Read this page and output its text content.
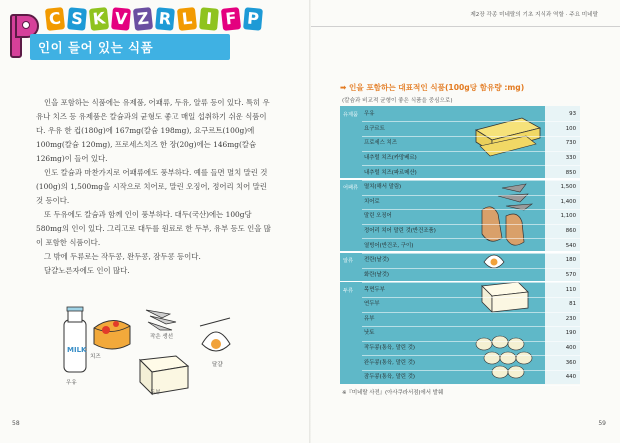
C S K V Z R L I F P
인이 들어 있는 식품

인을 포함하는 식품에는 유제품, 어패류, 두유, 알류 등이 있다. 특히 우유나 치즈 등 유제품은 칼슘과의 균형도 좋고 매일 섭취하기 쉬운 식품이다. 우유 한 컵(180g)에 167mg(칼슘 198mg), 요구르트(100g)에 100mg(칼슘 120mg), 프로세스치즈 한 장(20g)에는 146mg(칼슘 126mg)이 들어 있다.

인도 칼슘과 마찬가지로 어패류에도 풍부하다. 예를 들면 멸치 말린 것(100g)의 1,500mg을 시작으로 치어로, 말린 오징어, 정어리 치어 말린 것 등이다.

또 두유에도 칼슘과 함께 인이 풍부하다. 대두(국산)에는 100g당 580mg의 인이 있다. 그리고로 대두를 원료로 한 두부, 유부 등도 인을 많이 포함한 식품이다.

그 밖에 두류로는 작두콩, 완두콩, 잠두콩 등이다.

달걀노른자에도 인이 많다.

MILK
치즈
작은 생선
우유
두부
달걀
58
제2장 각종 미네랄의 기초 지식과 역할 · 주요 미네랄
➡ 인을 포함하는 대표적인 식품(100g당 함유량 :mg)
(칼슘과 비교적 균형이 좋은 식품을 중심으로)
유제품	우유	93
요구르트	100
프로세스 치즈	730
내추럴 치즈(카망베르)	330
내추럴 치즈(파르메산)	850
어패류	멸치(해서 말림)	1,500
치어로	1,400
말린 오징어	1,100
정어리 치어 말린 것(반건조품)	860
열빙어(반건조, 구이)	540
알류	전란(날것)	180
화란(날것)	570
두류	목면두부	110
연두부	81
유부	230
낫토	190
작두콩(통육, 말린 것)	400
완두콩(통육, 말린 것)	360
잠두콩(통육, 말린 것)	440
※『미네랄 사전』(아사쿠라서점)에서 발췌
59
